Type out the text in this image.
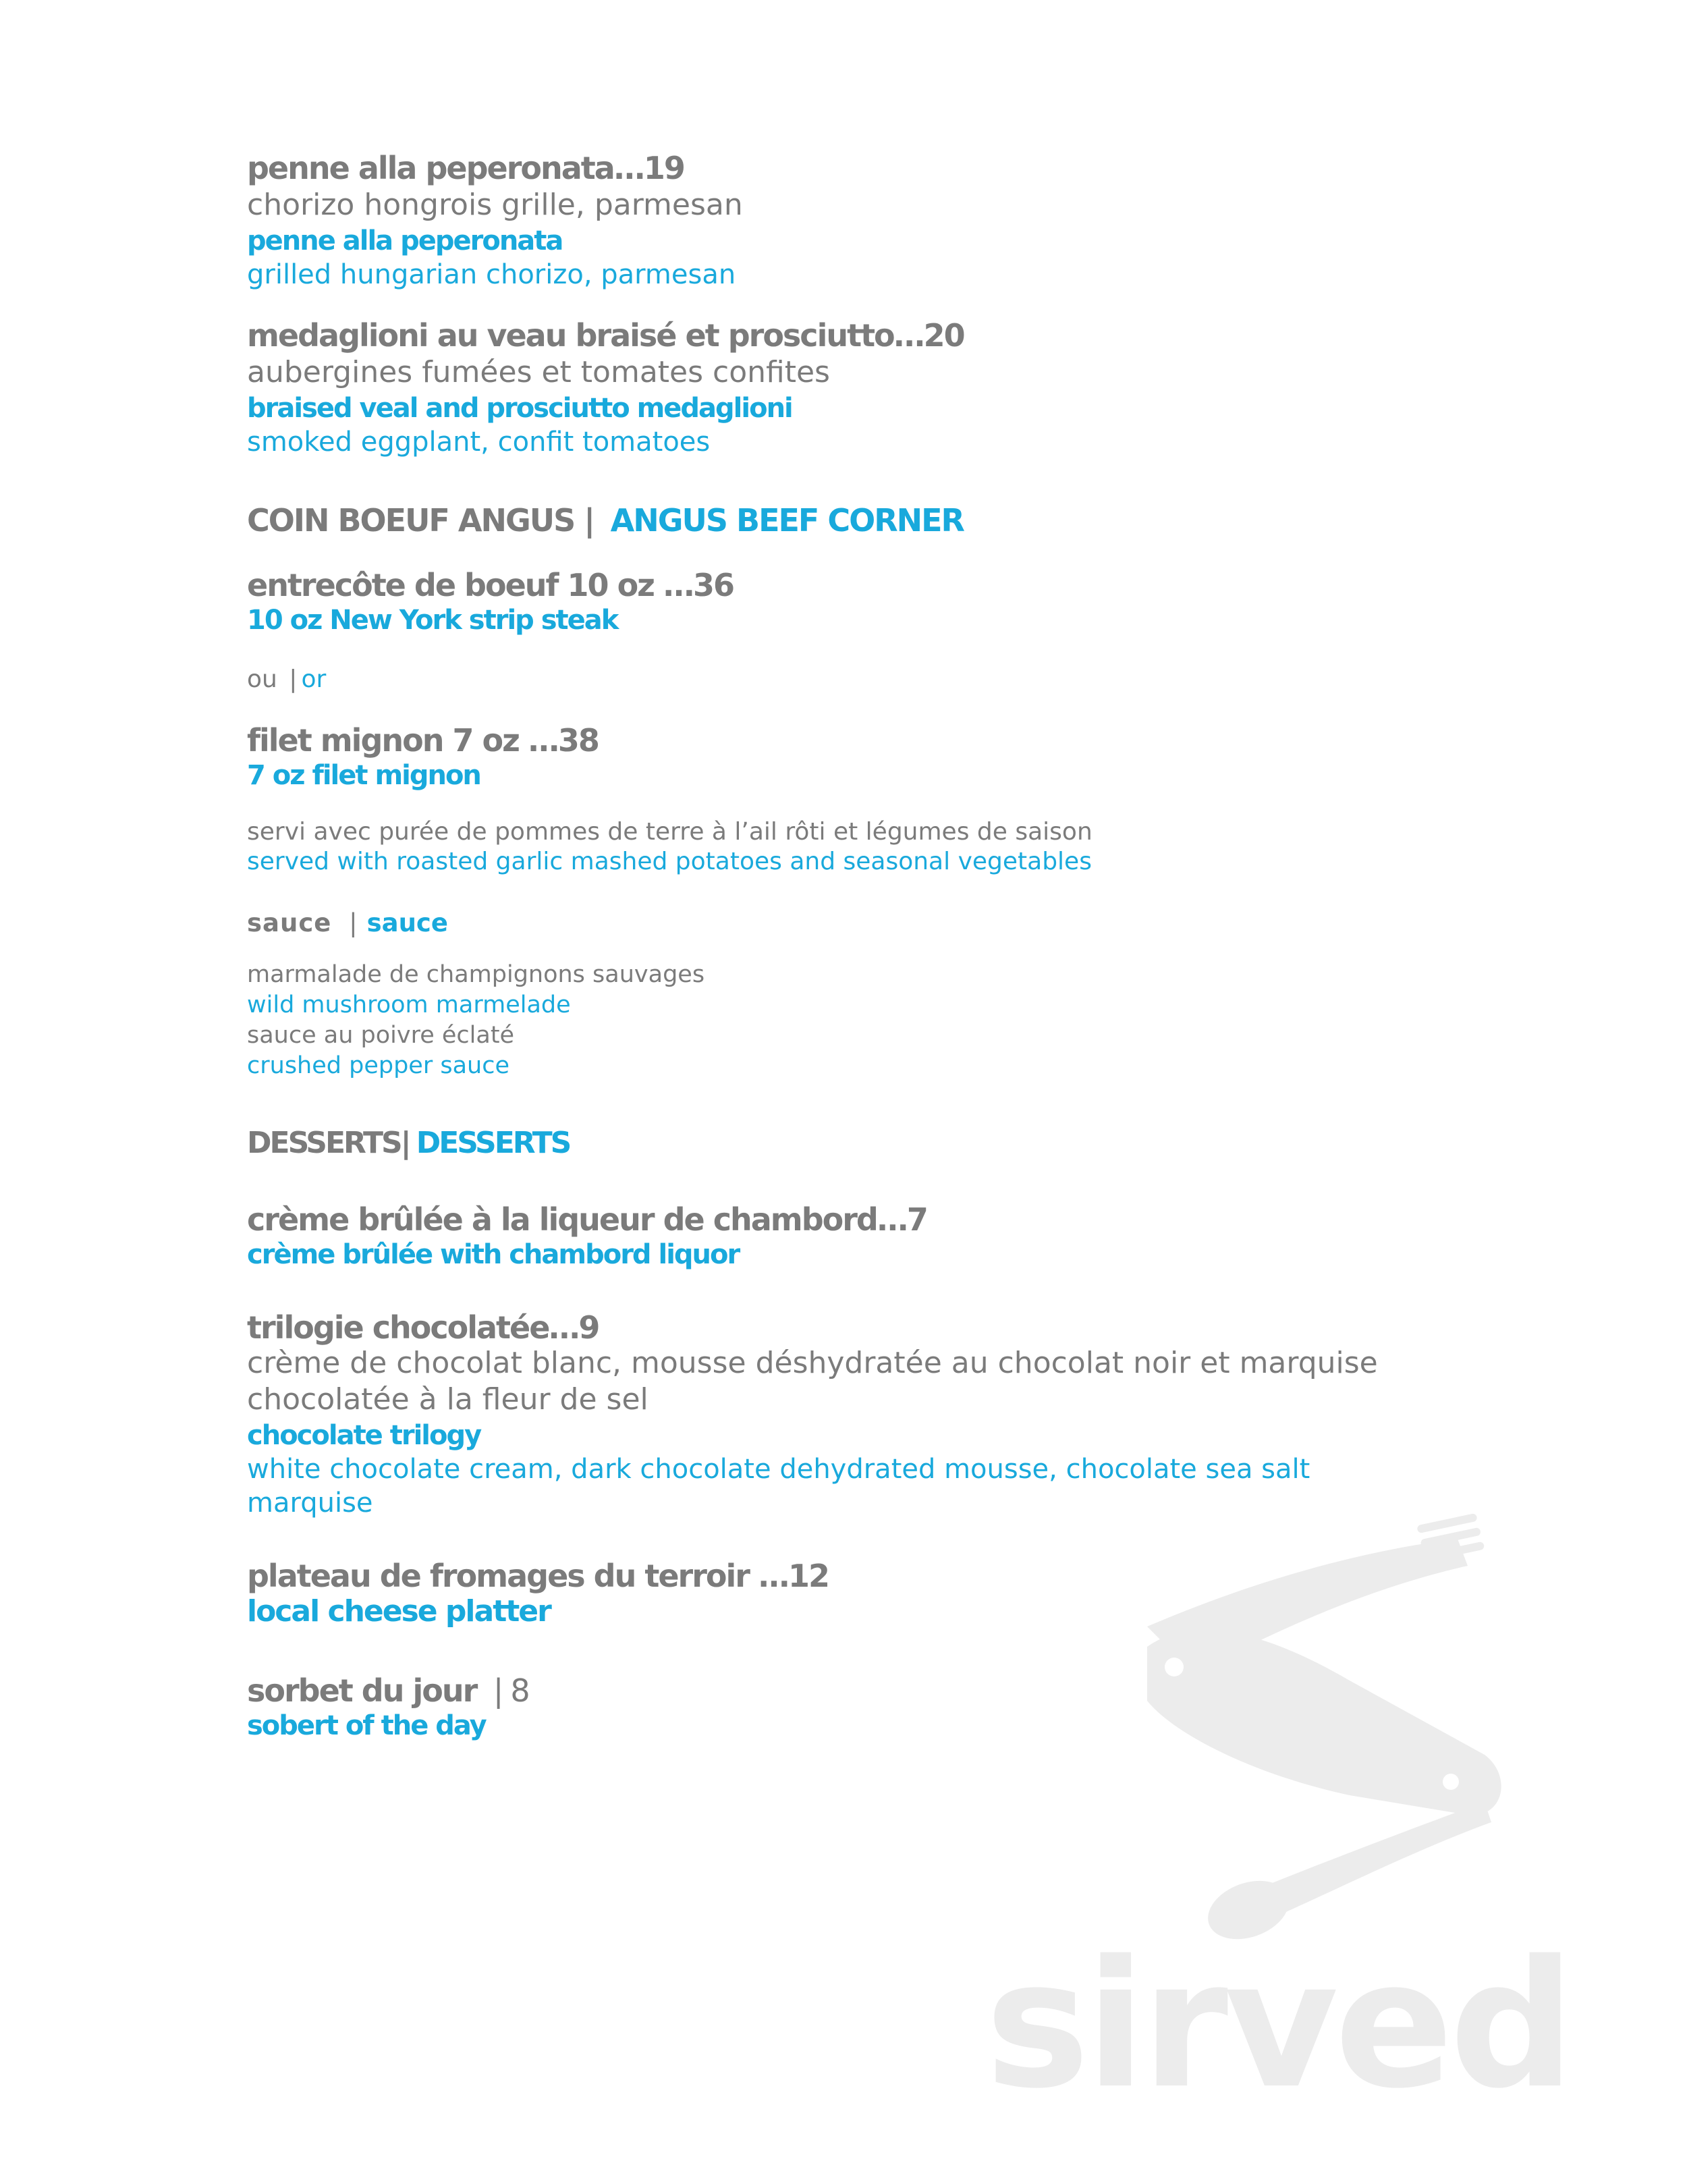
penne alla peperonata…19
chorizo hongrois grille, parmesan
penne alla peperonata
grilled hungarian chorizo, parmesan
medaglioni au veau braisé et prosciutto…20
aubergines fumées et tomates confites
braised veal and prosciutto medaglioni
smoked eggplant, confit tomatoes
COIN BOEUF ANGUS | ANGUS BEEF CORNER
entrecôte de boeuf 10 oz …36
10 oz New York strip steak
ou | or
filet mignon 7 oz …38
7 oz filet mignon
servi avec purée de pommes de terre à l’ail rôti et légumes de saison
served with roasted garlic mashed potatoes and seasonal vegetables
sauce | sauce
marmalade de champignons sauvages
wild mushroom marmelade
sauce au poivre éclaté
crushed pepper sauce
DESSERTS| DESSERTS
crème brûlée à la liqueur de chambord…7
crème brûlée with chambord liquor
trilogie chocolatée…9
crème de chocolat blanc, mousse déshydratée au chocolat noir et marquise
chocolatée à la fleur de sel
chocolate trilogy
white chocolate cream, dark chocolate dehydrated mousse, chocolate sea salt
marquise
plateau de fromages du terroir …12
local cheese platter
sorbet du jour | 8
sobert of the day
sirved
